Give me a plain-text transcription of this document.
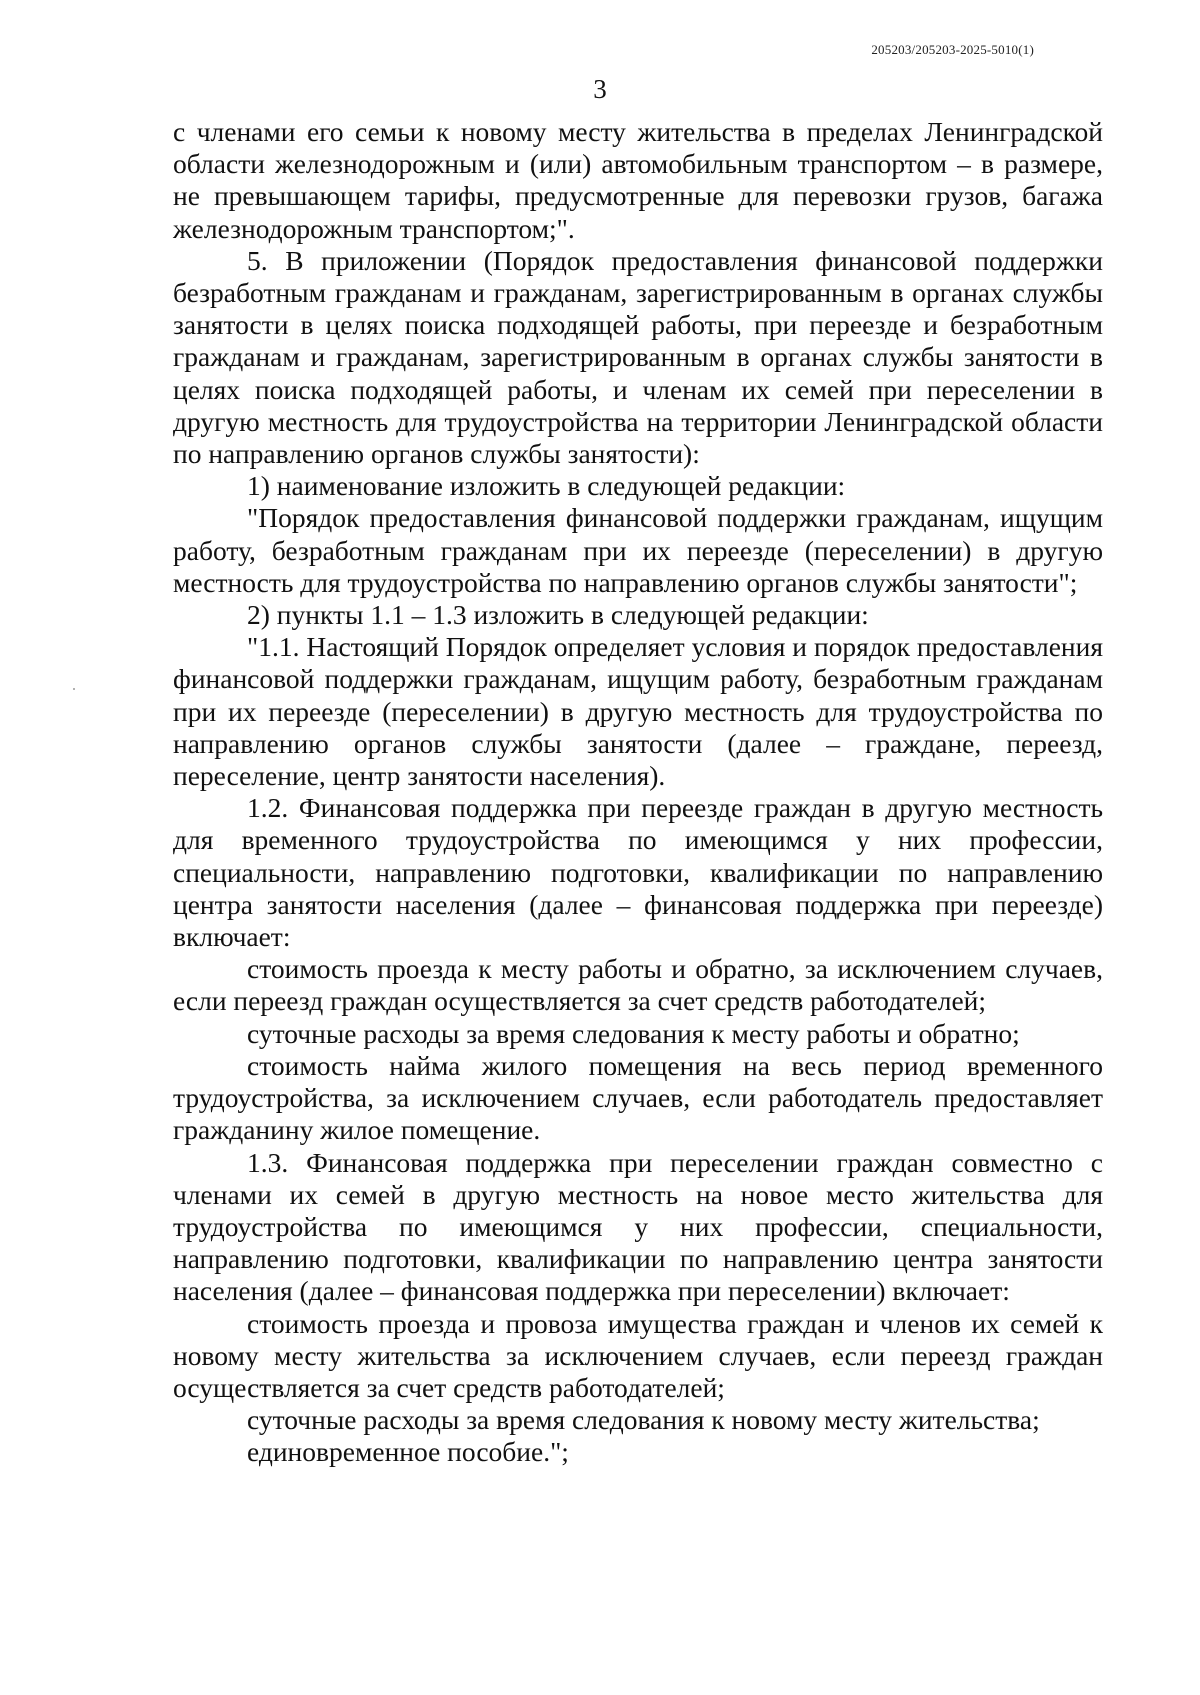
205203/205203-2025-5010(1)
3

с членами его семьи к новому месту жительства в пределах Ленинградской области железнодорожным и (или) автомобильным транспортом – в размере, не превышающем тарифы, предусмотренные для перевозки грузов, багажа железнодорожным транспортом;".

5. В приложении (Порядок предоставления финансовой поддержки безработным гражданам и гражданам, зарегистрированным в органах службы занятости в целях поиска подходящей работы, при переезде и безработным гражданам и гражданам, зарегистрированным в органах службы занятости в целях поиска подходящей работы, и членам их семей при переселении в другую местность для трудоустройства на территории Ленинградской области по направлению органов службы занятости):

1) наименование изложить в следующей редакции:

"Порядок предоставления финансовой поддержки гражданам, ищущим работу, безработным гражданам при их переезде (переселении) в другую местность для трудоустройства по направлению органов службы занятости";

2) пункты 1.1 – 1.3 изложить в следующей редакции:

"1.1. Настоящий Порядок определяет условия и порядок предоставления финансовой поддержки гражданам, ищущим работу, безработным гражданам при их переезде (переселении) в другую местность для трудоустройства по направлению органов службы занятости (далее – граждане, переезд, переселение, центр занятости населения).

1.2. Финансовая поддержка при переезде граждан в другую местность для временного трудоустройства по имеющимся у них профессии, специальности, направлению подготовки, квалификации по направлению центра занятости населения (далее – финансовая поддержка при переезде) включает:

стоимость проезда к месту работы и обратно, за исключением случаев, если переезд граждан осуществляется за счет средств работодателей;

суточные расходы за время следования к месту работы и обратно;

стоимость найма жилого помещения на весь период временного трудоустройства, за исключением случаев, если работодатель предоставляет гражданину жилое помещение.

1.3. Финансовая поддержка при переселении граждан совместно с членами их семей в другую местность на новое место жительства для трудоустройства по имеющимся у них профессии, специальности, направлению подготовки, квалификации по направлению центра занятости населения (далее – финансовая поддержка при переселении) включает:

стоимость проезда и провоза имущества граждан и членов их семей к новому месту жительства за исключением случаев, если переезд граждан осуществляется за счет средств работодателей;

суточные расходы за время следования к новому месту жительства;

единовременное пособие.";
